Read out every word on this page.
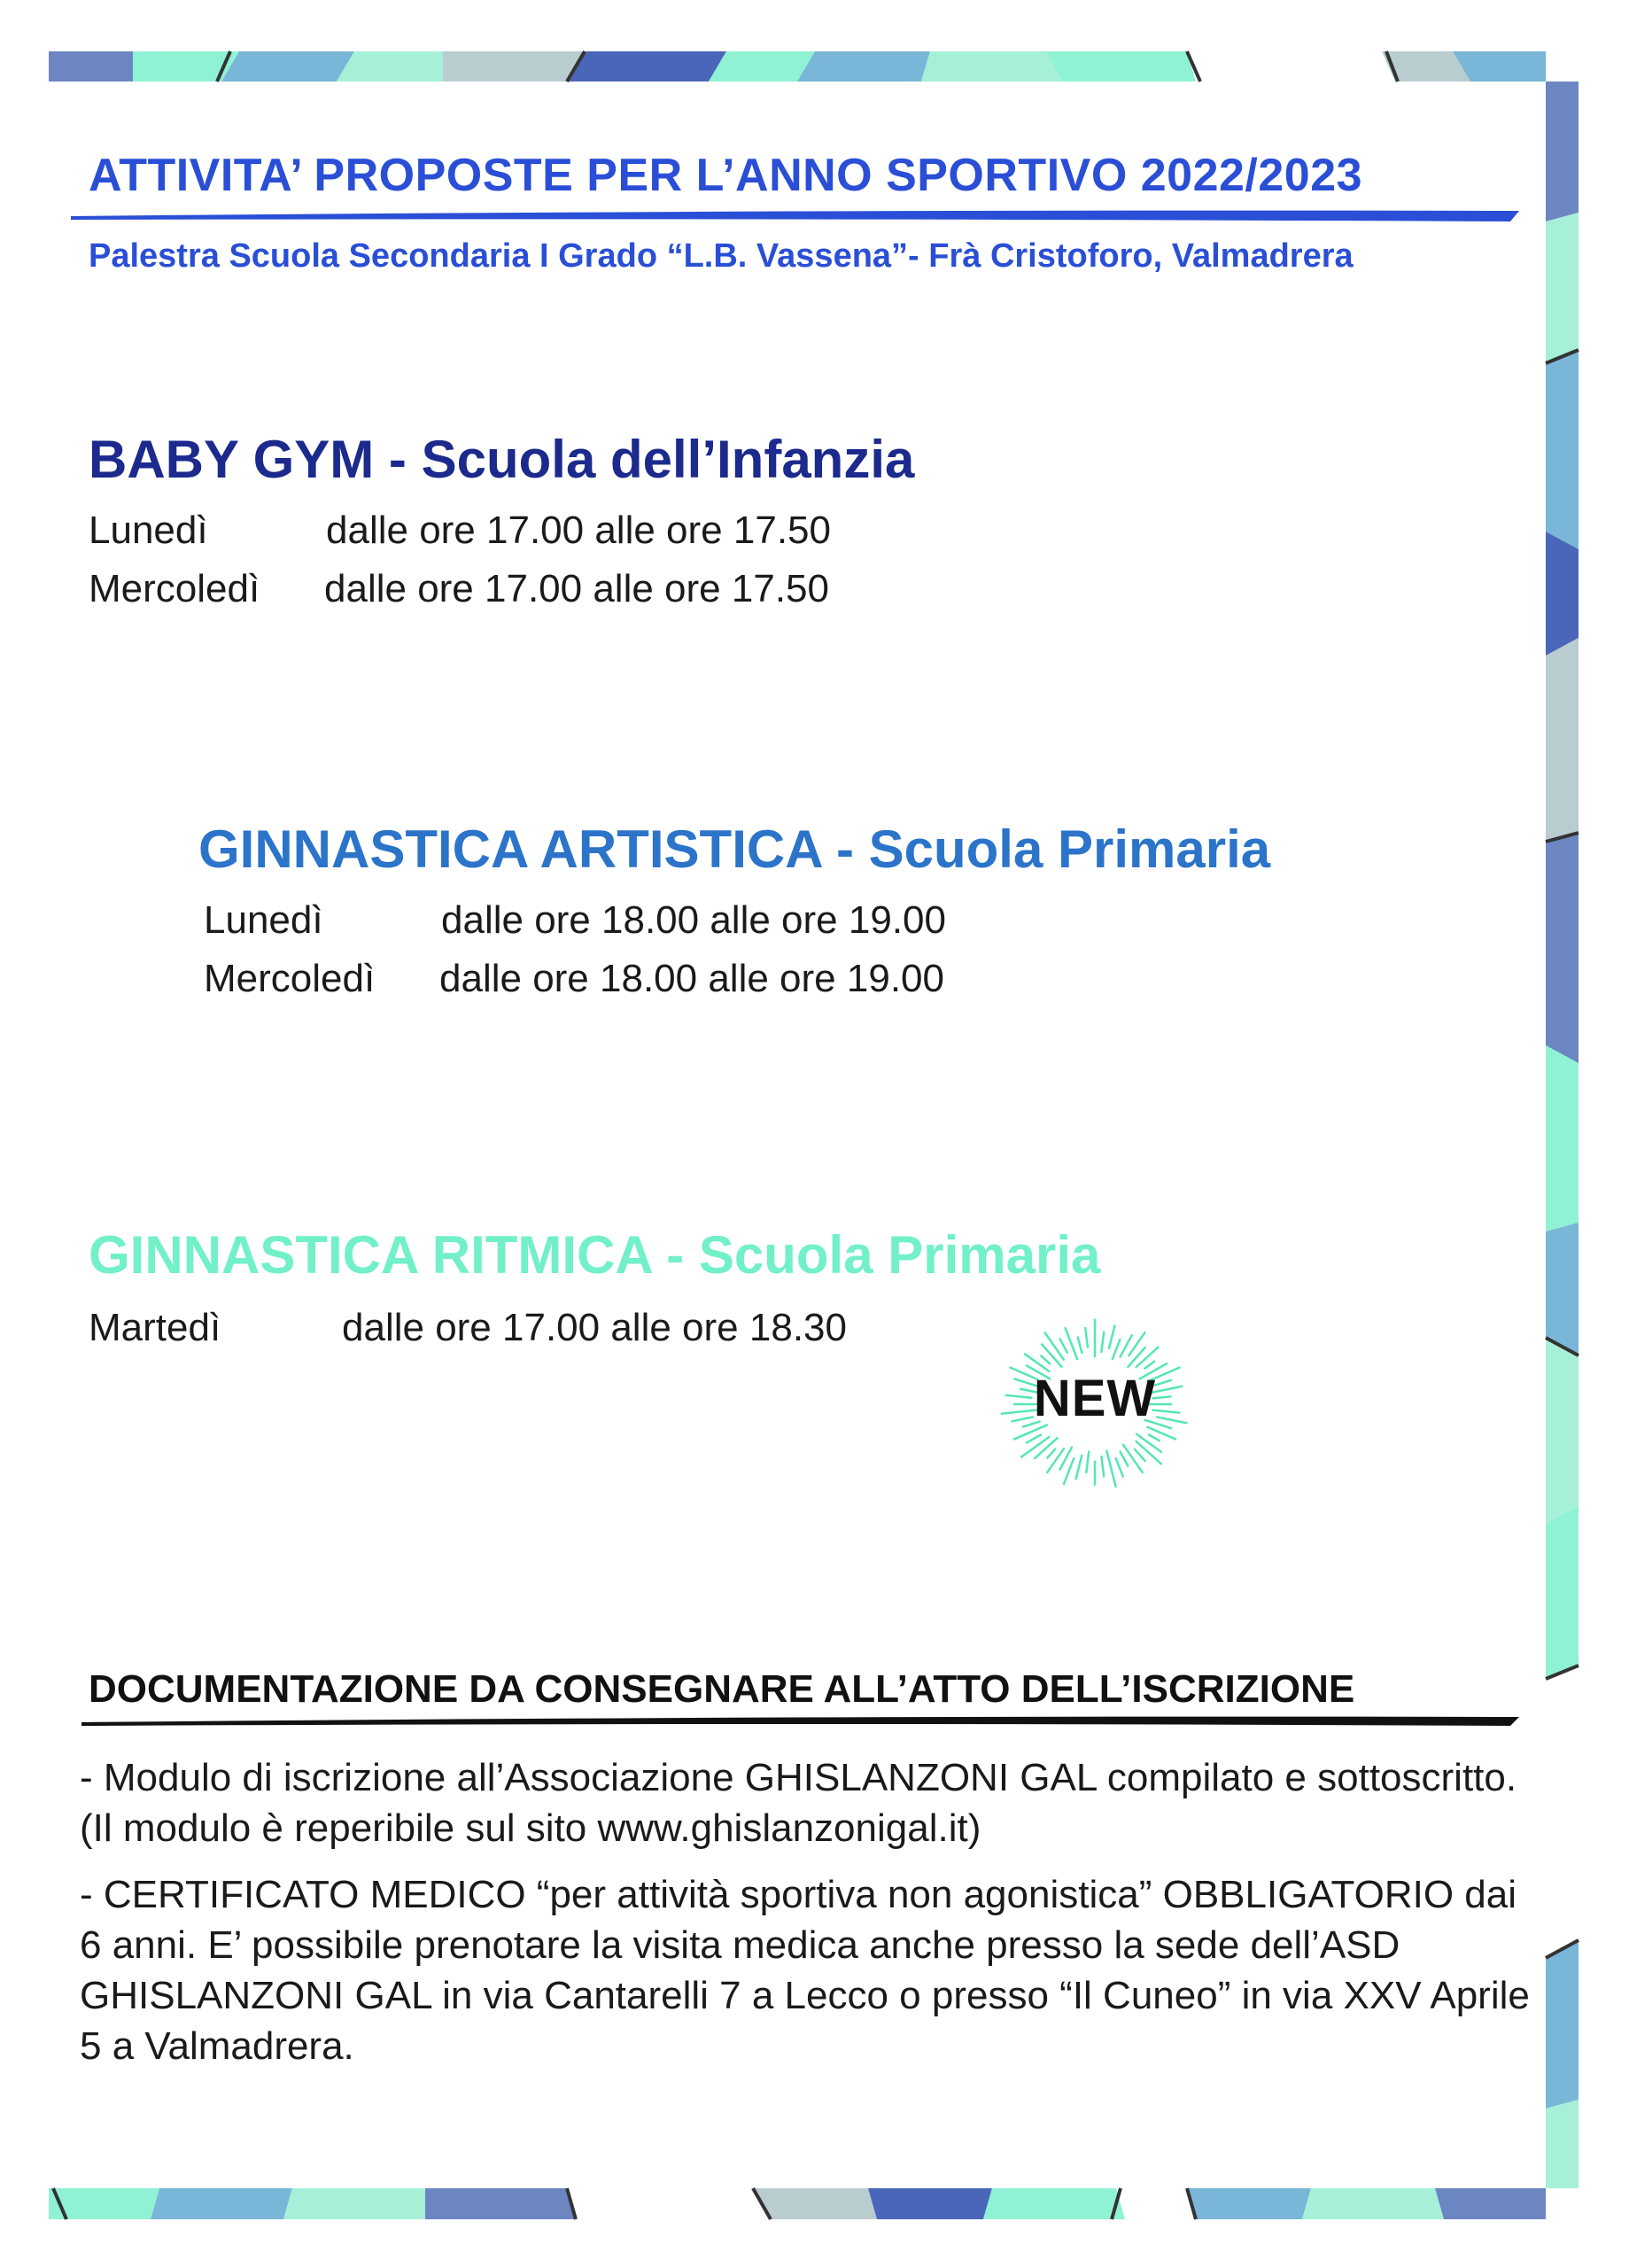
ATTIVITA’ PROPOSTE PER L’ANNO SPORTIVO 2022/2023
Palestra Scuola Secondaria I Grado “L.B. Vassena”- Frà Cristoforo, Valmadrera
BABY GYM - Scuola dell’Infanzia
Lunedì	dalle ore 17.00 alle ore 17.50
Mercoledì dalle ore 17.00 alle ore 17.50
GINNASTICA ARTISTICA - Scuola Primaria
Lunedì	dalle ore 18.00 alle ore 19.00
Mercoledì dalle ore 18.00 alle ore 19.00
GINNASTICA RITMICA - Scuola Primaria
Martedì	dalle ore 17.00 alle ore 18.30
NEW
DOCUMENTAZIONE DA CONSEGNARE ALL’ATTO DELL’ISCRIZIONE
- Modulo di iscrizione all’Associazione GHISLANZONI GAL compilato e sottoscritto. (Il modulo è reperibile sul sito www.ghislanzonigal.it)
- CERTIFICATO MEDICO “per attività sportiva non agonistica” OBBLIGATORIO dai 6 anni. E’ possibile prenotare la visita medica anche presso la sede dell’ASD GHISLANZONI GAL in via Cantarelli 7 a Lecco o presso “Il Cuneo” in via XXV Aprile 5 a Valmadrera.
